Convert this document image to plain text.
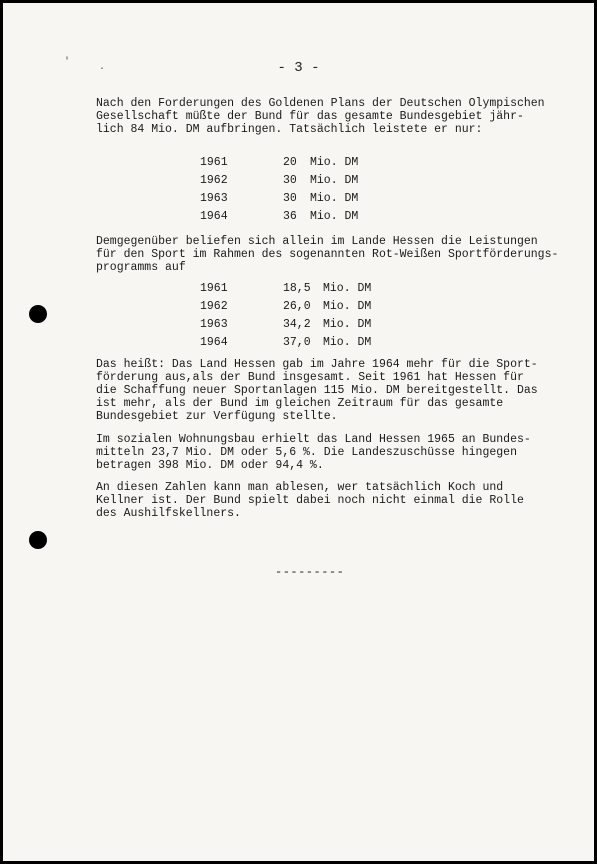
'	.	- 3 -

Nach den Forderungen des Goldenen Plans der Deutschen Olympischen
Gesellschaft müßte der Bund für das gesamte Bundesgebiet jähr-
lich 84 Mio. DM aufbringen. Tatsächlich leistete er nur:

1961	20	Mio. DM
1962	30	Mio. DM
1963	30	Mio. DM
1964	36	Mio. DM

Demgegenüber beliefen sich allein im Lande Hessen die Leistungen
für den Sport im Rahmen des sogenannten Rot-Weißen Sportförderungs-
programms auf

1961	18,5	Mio. DM
1962	26,0	Mio. DM
1963	34,2	Mio. DM
1964	37,0	Mio. DM

Das heißt: Das Land Hessen gab im Jahre 1964 mehr für die Sport-
förderung aus,als der Bund insgesamt. Seit 1961 hat Hessen für
die Schaffung neuer Sportanlagen 115 Mio. DM bereitgestellt. Das
ist mehr, als der Bund im gleichen Zeitraum für das gesamte
Bundesgebiet zur Verfügung stellte.

Im sozialen Wohnungsbau erhielt das Land Hessen 1965 an Bundes-
mitteln 23,7 Mio. DM oder 5,6 %. Die Landeszuschüsse hingegen
betragen 398 Mio. DM oder 94,4 %.

An diesen Zahlen kann man ablesen, wer tatsächlich Koch und
Kellner ist. Der Bund spielt dabei noch nicht einmal die Rolle
des Aushilfskellners.

---------
